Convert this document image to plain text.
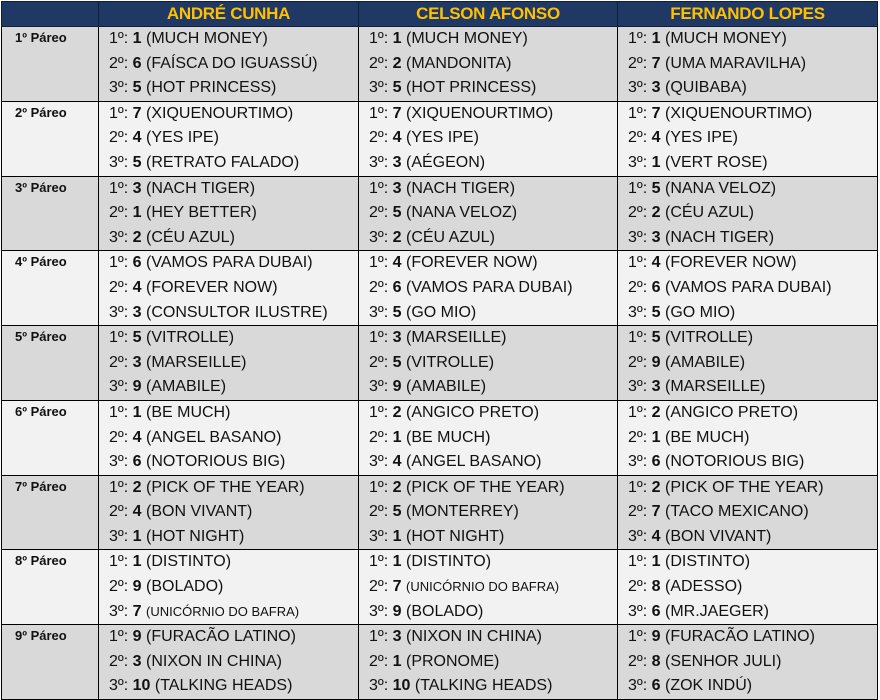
	ANDRÉ CUNHA	CELSON AFONSO	FERNANDO LOPES
1º Páreo	1º: 1 (MUCH MONEY)
2º: 6 (FAÍSCA DO IGUASSÚ)
3º: 5 (HOT PRINCESS)	1º: 1 (MUCH MONEY)
2º: 2 (MANDONITA)
3º: 5 (HOT PRINCESS)	1º: 1 (MUCH MONEY)
2º: 7 (UMA MARAVILHA)
3º: 3 (QUIBABA)

2º Páreo	1º: 7 (XIQUENOURTIMO)
2º: 4 (YES IPE)
3º: 5 (RETRATO FALADO)	1º: 7 (XIQUENOURTIMO)
2º: 4 (YES IPE)
3º: 3 (AÉGEON)	1º: 7 (XIQUENOURTIMO)
2º: 4 (YES IPE)
3º: 1 (VERT ROSE)

3º Páreo	1º: 3 (NACH TIGER)
2º: 1 (HEY BETTER)
3º: 2 (CÉU AZUL)	1º: 3 (NACH TIGER)
2º: 5 (NANA VELOZ)
3º: 2 (CÉU AZUL)	1º: 5 (NANA VELOZ)
2º: 2 (CÉU AZUL)
3º: 3 (NACH TIGER)

4º Páreo	1º: 6 (VAMOS PARA DUBAI)
2º: 4 (FOREVER NOW)
3º: 3 (CONSULTOR ILUSTRE)	1º: 4 (FOREVER NOW)
2º: 6 (VAMOS PARA DUBAI)
3º: 5 (GO MIO)	1º: 4 (FOREVER NOW)
2º: 6 (VAMOS PARA DUBAI)
3º: 5 (GO MIO)

5º Páreo	1º: 5 (VITROLLE)
2º: 3 (MARSEILLE)
3º: 9 (AMABILE)	1º: 3 (MARSEILLE)
2º: 5 (VITROLLE)
3º: 9 (AMABILE)	1º: 5 (VITROLLE)
2º: 9 (AMABILE)
3º: 3 (MARSEILLE)

6º Páreo	1º: 1 (BE MUCH)
2º: 4 (ANGEL BASANO)
3º: 6 (NOTORIOUS BIG)	1º: 2 (ANGICO PRETO)
2º: 1 (BE MUCH)
3º: 4 (ANGEL BASANO)	1º: 2 (ANGICO PRETO)
2º: 1 (BE MUCH)
3º: 6 (NOTORIOUS BIG)

7º Páreo	1º: 2 (PICK OF THE YEAR)
2º: 4 (BON VIVANT)
3º: 1 (HOT NIGHT)	1º: 2 (PICK OF THE YEAR)
2º: 5 (MONTERREY)
3º: 1 (HOT NIGHT)	1º: 2 (PICK OF THE YEAR)
2º: 7 (TACO MEXICANO)
3º: 4 (BON VIVANT)

8º Páreo	1º: 1 (DISTINTO)
2º: 9 (BOLADO)
3º: 7 (UNICÓRNIO DO BAFRA)	1º: 1 (DISTINTO)
2º: 7 (UNICÓRNIO DO BAFRA)
3º: 9 (BOLADO)	1º: 1 (DISTINTO)
2º: 8 (ADESSO)
3º: 6 (MR.JAEGER)

9º Páreo	1º: 9 (FURACÃO LATINO)
2º: 3 (NIXON IN CHINA)
3º: 10 (TALKING HEADS)	1º: 3 (NIXON IN CHINA)
2º: 1 (PRONOME)
3º: 10 (TALKING HEADS)	1º: 9 (FURACÃO LATINO)
2º: 8 (SENHOR JULI)
3º: 6 (ZOK INDÚ)
